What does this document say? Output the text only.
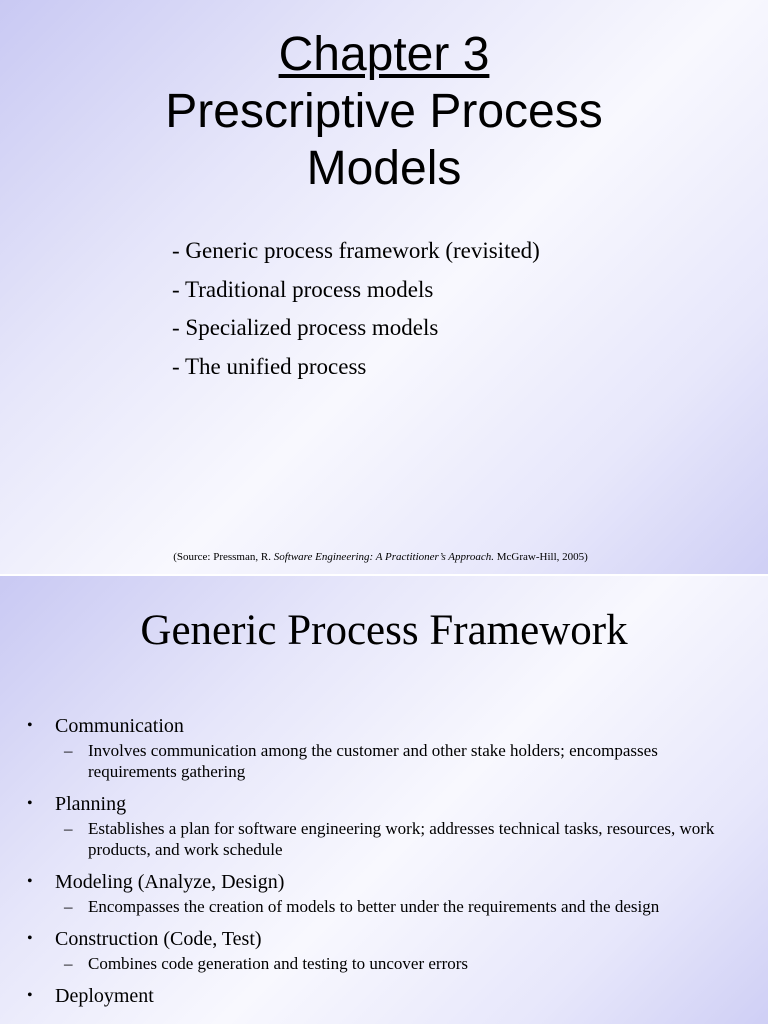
Chapter 3
Prescriptive Process
Models
- Generic process framework (revisited)
- Traditional process models
- Specialized process models
- The unified process
(Source: Pressman, R. Software Engineering: A Practitioner’s Approach. McGraw-Hill, 2005)
Generic Process Framework
• Communication
– Involves communication among the customer and other stake holders; encompasses requirements gathering
• Planning
– Establishes a plan for software engineering work; addresses technical tasks, resources, work products, and work schedule
• Modeling (Analyze, Design)
– Encompasses the creation of models to better under the requirements and the design
• Construction (Code, Test)
– Combines code generation and testing to uncover errors
• Deployment
